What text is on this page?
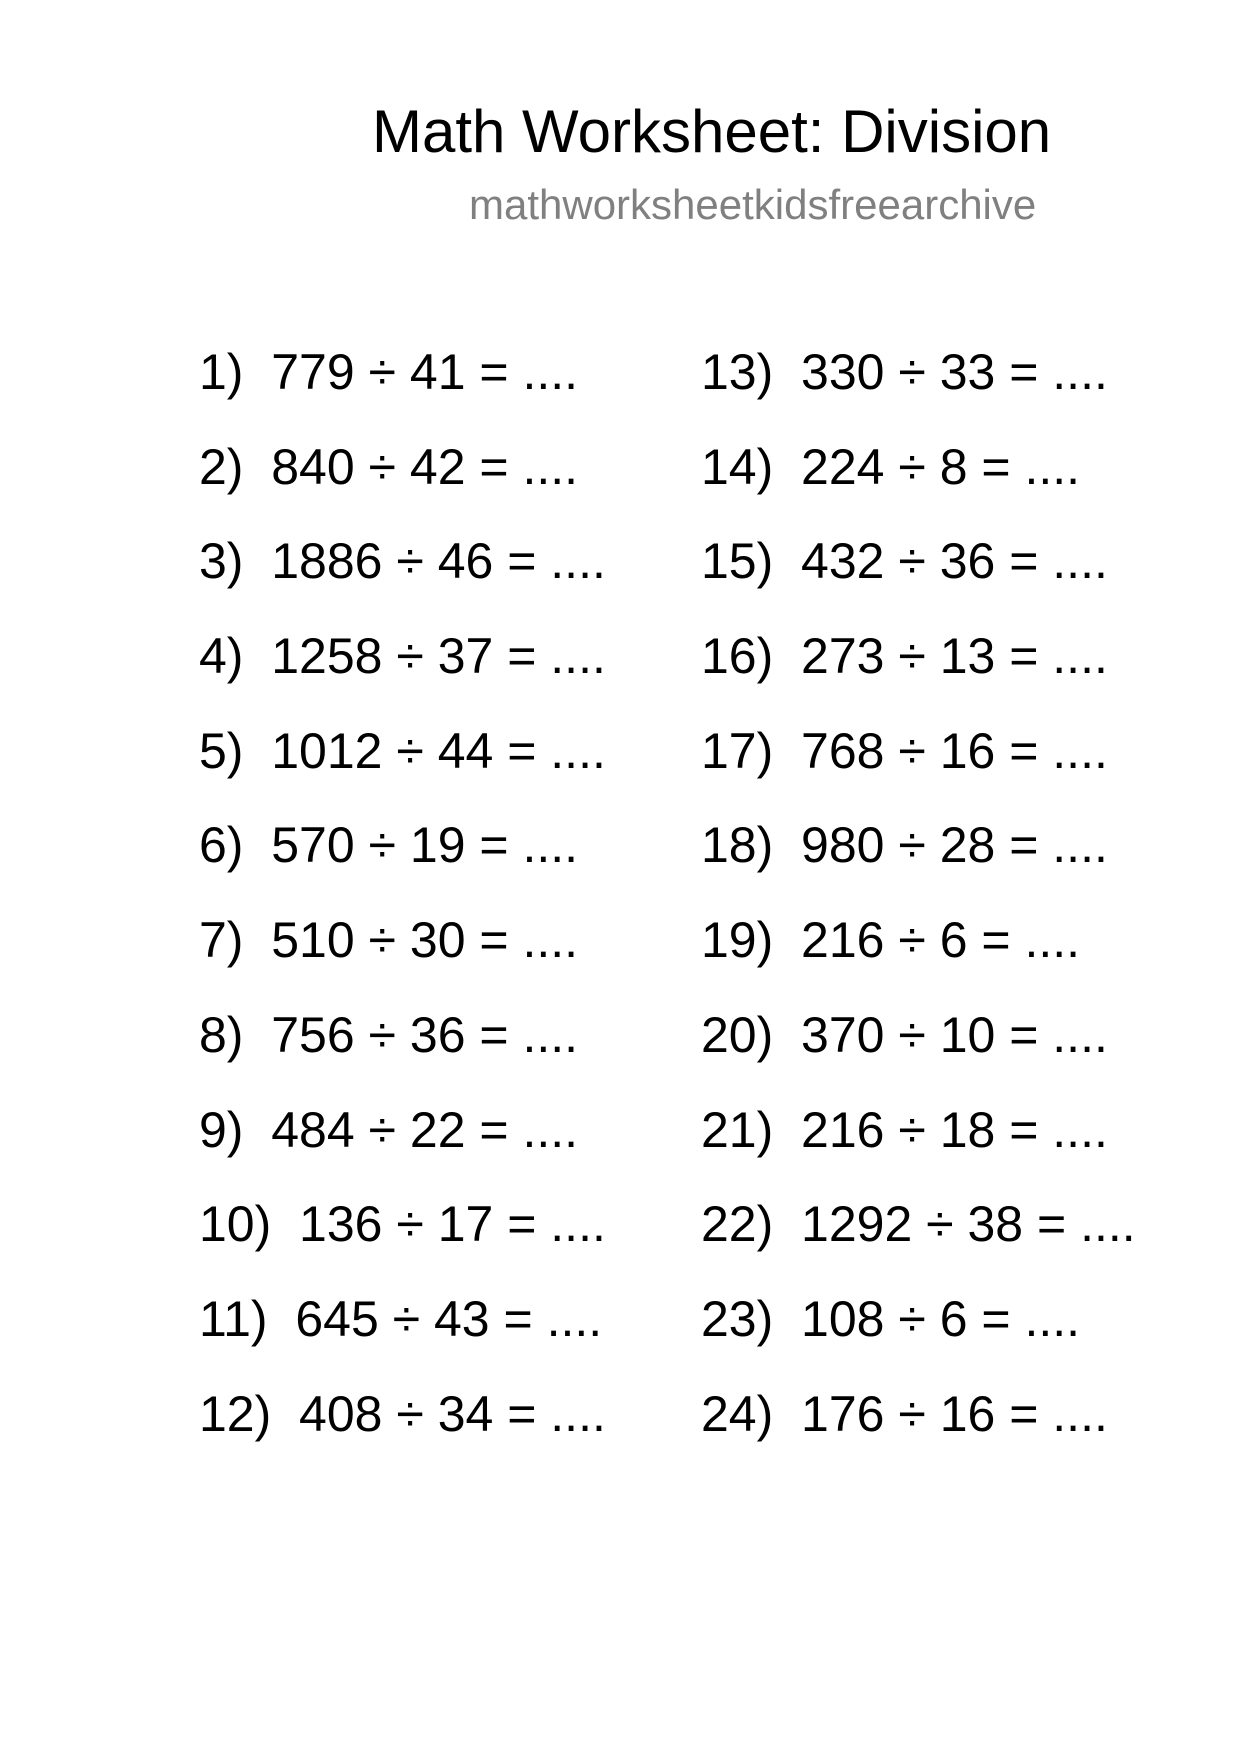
Math Worksheet: Division
mathworksheetkidsfreearchive
1)  779 ÷ 41 = ....
2)  840 ÷ 42 = ....
3)  1886 ÷ 46 = ....
4)  1258 ÷ 37 = ....
5)  1012 ÷ 44 = ....
6)  570 ÷ 19 = ....
7)  510 ÷ 30 = ....
8)  756 ÷ 36 = ....
9)  484 ÷ 22 = ....
10)  136 ÷ 17 = ....
11)  645 ÷ 43 = ....
12)  408 ÷ 34 = ....
13)  330 ÷ 33 = ....
14)  224 ÷ 8 = ....
15)  432 ÷ 36 = ....
16)  273 ÷ 13 = ....
17)  768 ÷ 16 = ....
18)  980 ÷ 28 = ....
19)  216 ÷ 6 = ....
20)  370 ÷ 10 = ....
21)  216 ÷ 18 = ....
22)  1292 ÷ 38 = ....
23)  108 ÷ 6 = ....
24)  176 ÷ 16 = ....
